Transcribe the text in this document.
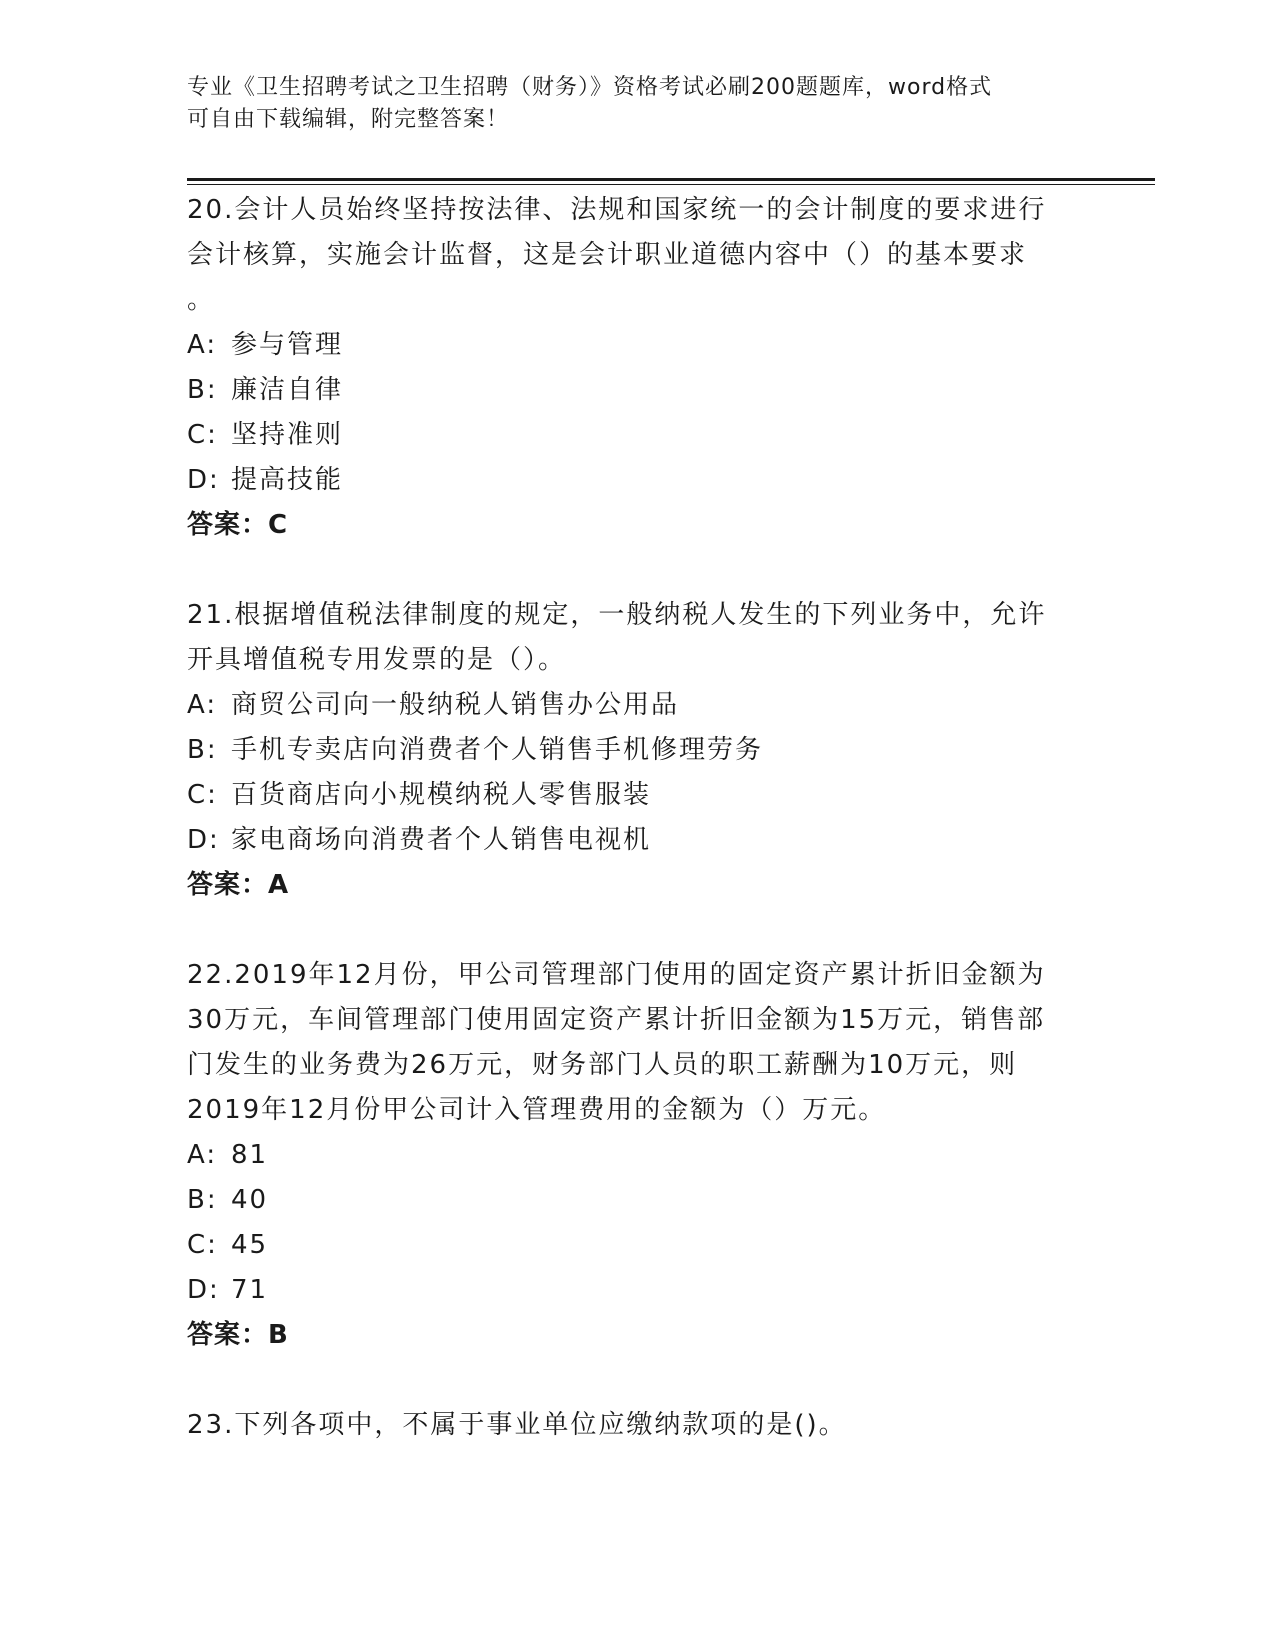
专业《卫生招聘考试之卫生招聘（财务）》资格考试必刷200题题库，word格式
可自由下载编辑，附完整答案！

20.会计人员始终坚持按法律、法规和国家统一的会计制度的要求进行

会计核算，实施会计监督，这是会计职业道德内容中（）的基本要求

。

A: 参与管理
B: 廉洁自律
C: 坚持准则
D: 提高技能

答案：C

21.根据增值税法律制度的规定，一般纳税人发生的下列业务中，允许

开具增值税专用发票的是（）。

A: 商贸公司向一般纳税人销售办公用品
B: 手机专卖店向消费者个人销售手机修理劳务
C: 百货商店向小规模纳税人零售服装
D: 家电商场向消费者个人销售电视机

答案：A

22.2019年12月份，甲公司管理部门使用的固定资产累计折旧金额为

30万元，车间管理部门使用固定资产累计折旧金额为15万元，销售部

门发生的业务费为26万元，财务部门人员的职工薪酬为10万元，则

2019年12月份甲公司计入管理费用的金额为（）万元。

A: 81
B: 40
C: 45
D: 71

答案：B

23.下列各项中，不属于事业单位应缴纳款项的是()。
